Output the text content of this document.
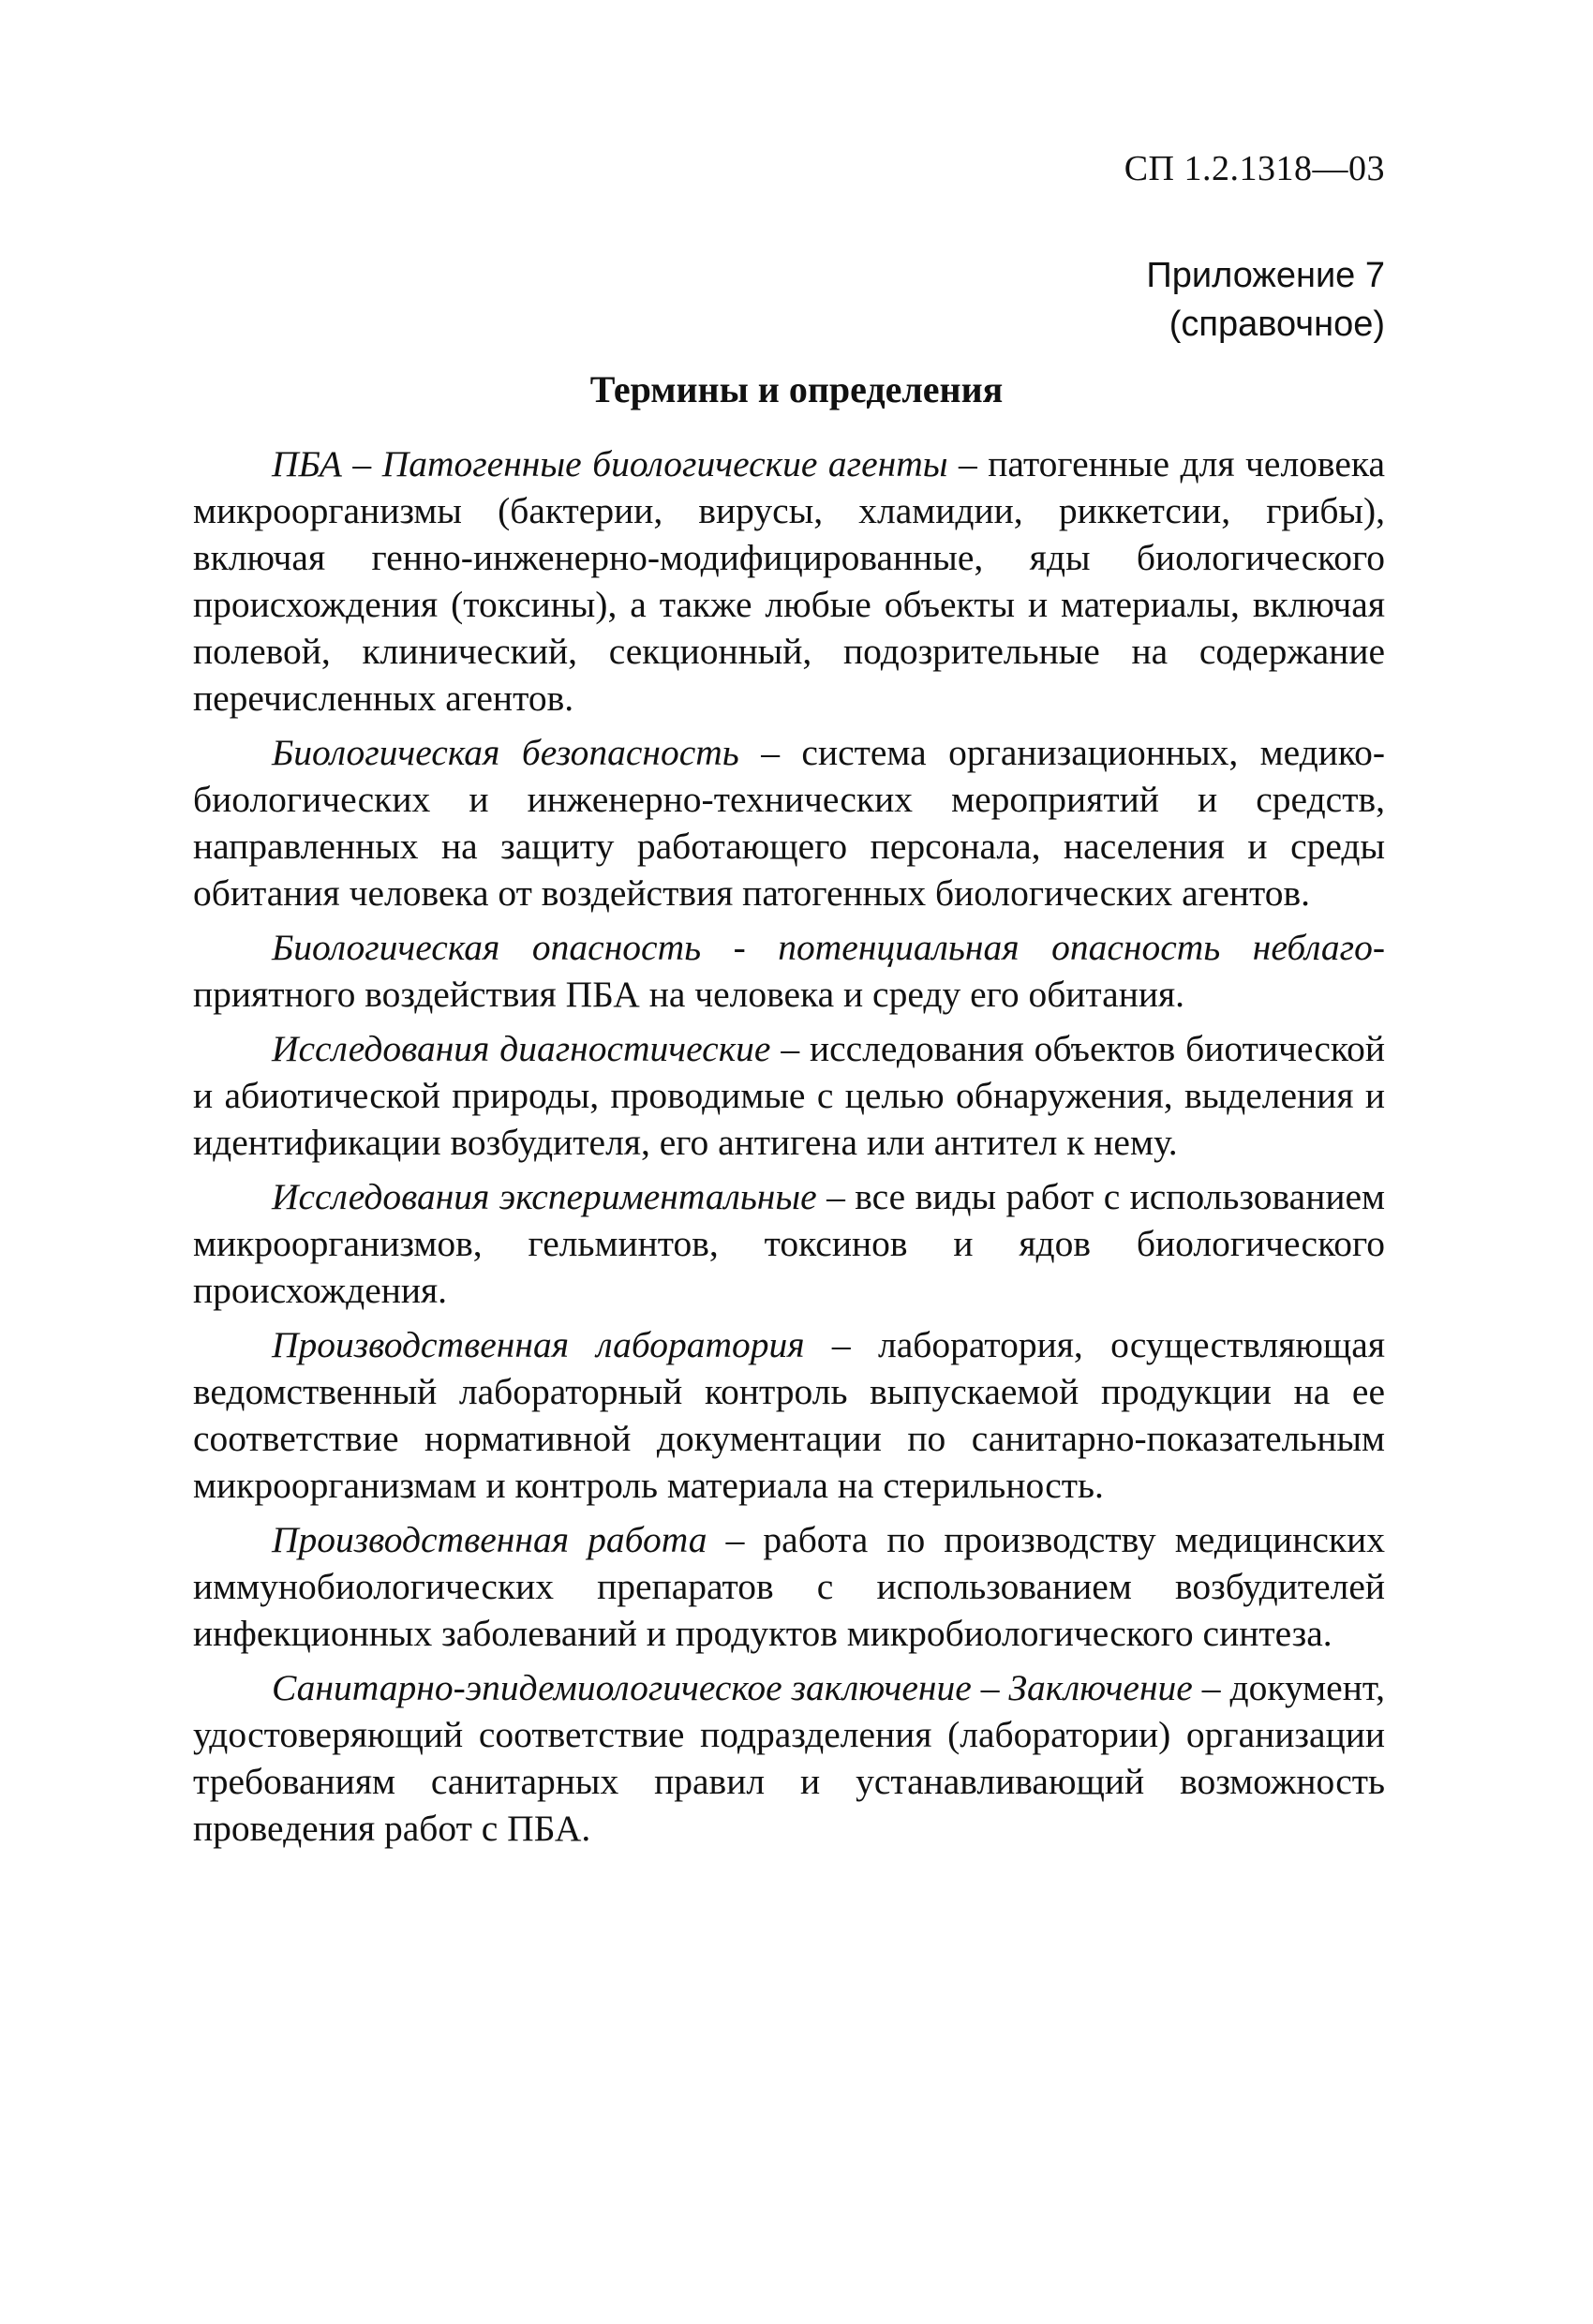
СП 1.2.1318—03
Приложение 7
(справочное)
Термины и определения

ПБА – Патогенные биологические агенты – патогенные для человека микроорганизмы (бактерии, вирусы, хламидии, риккетсии, грибы), включая генно-инженерно-модифицированные, яды биологического происхождения (токсины), а также любые объекты и материалы, включая полевой, клинический, секционный, подозрительные на содержание перечисленных агентов.

Биологическая безопасность – система организационных, медико-биологических и инженерно-технических мероприятий и средств, направленных на защиту работающего персонала, населения и среды обитания человека от воздействия патогенных биологических агентов.

Биологическая опасность - потенциальная опасность неблаго-приятного воздействия ПБА на человека и среду его обитания.

Исследования диагностические – исследования объектов биотической и абиотической природы, проводимые с целью обнаружения, выделения и идентификации возбудителя, его антигена или антител к нему.

Исследования экспериментальные – все виды работ с использованием микроорганизмов, гельминтов, токсинов и ядов биологического происхождения.

Производственная лаборатория – лаборатория, осуществляющая ведомственный лабораторный контроль выпускаемой продукции на ее соответствие нормативной документации по санитарно-показательным микроорганизмам и контроль материала на стерильность.

Производственная работа – работа по производству медицинских иммунобиологических препаратов с использованием возбудителей инфекционных заболеваний и продуктов микробиологического синтеза.

Санитарно-эпидемиологическое заключение – Заключение – документ, удостоверяющий соответствие подразделения (лаборатории) организации требованиям санитарных правил и устанавливающий возможность проведения работ с ПБА.
